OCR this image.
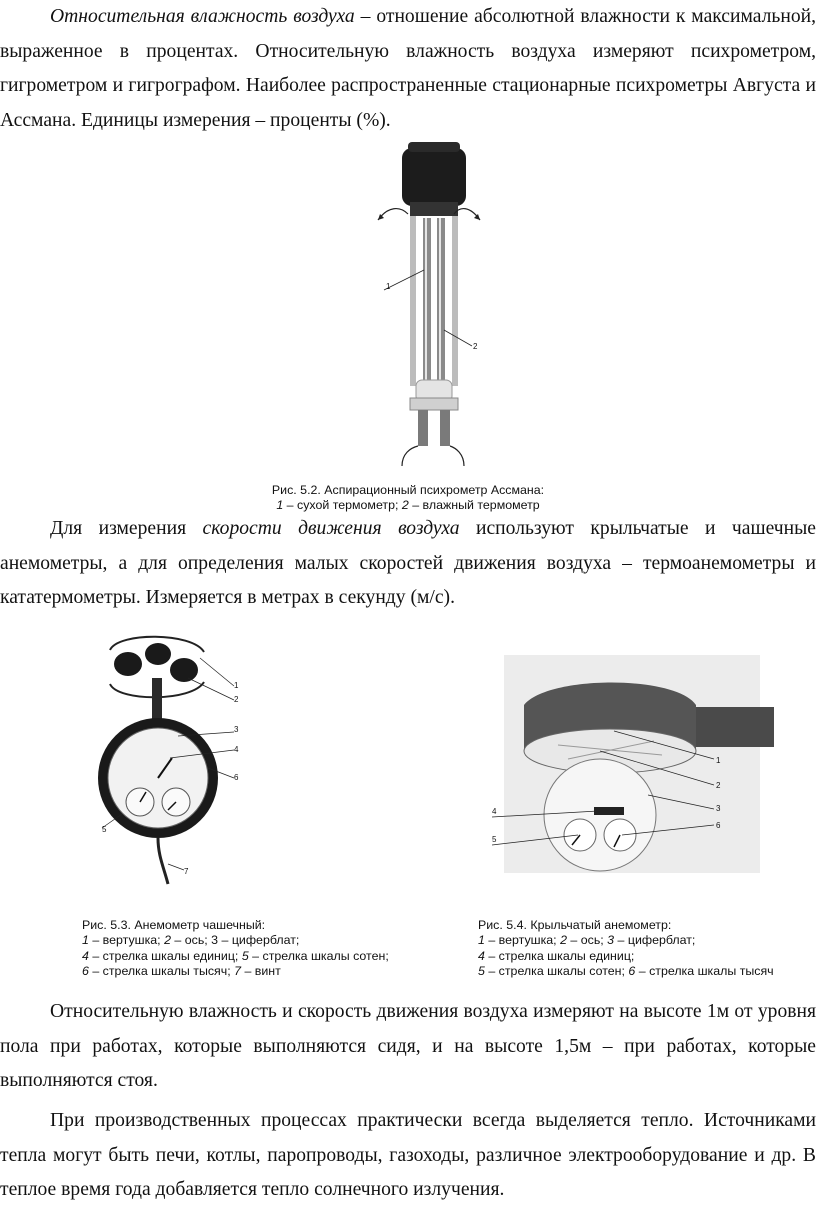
Относительная влажность воздуха – отношение абсолютной влажности к максимальной, выраженное в процентах. Относительную влажность воздуха измеряют психрометром, гигрометром и гигрографом. Наиболее распространенные стационарные психрометры Августа и Ассмана. Единицы измерения – проценты (%).

1
2
Рис. 5.2. Аспирационный психрометр Ассмана:
1 – сухой термометр; 2 – влажный термометр

Для измерения скорости движения воздуха используют крыльчатые и чашечные анемометры, а для определения малых скоростей движения воздуха – термоанемометры и кататермометры. Измеряется в метрах в секунду (м/с).

1
2
3
4
6
5
7
1
2
3
6
4
5
Рис. 5.3. Анемометр чашечный:
1 – вертушка; 2 – ось; 3 – циферблат;
4 – стрелка шкалы единиц; 5 – стрелка шкалы сотен;
6 – стрелка шкалы тысяч; 7 – винт
Рис. 5.4. Крыльчатый анемометр:
1 – вертушка; 2 – ось; 3 – циферблат;
4 – стрелка шкалы единиц;
5 – стрелка шкалы сотен; 6 – стрелка шкалы тысяч

Относительную влажность и скорость движения воздуха измеряют на высоте 1м от уровня пола при работах, которые выполняются сидя, и на высоте 1,5м – при работах, которые выполняются стоя.

При производственных процессах практически всегда выделяется тепло. Источниками тепла могут быть печи, котлы, паропроводы, газоходы, различное электрооборудование и др. В теплое время года добавляется тепло солнечного излучения.
